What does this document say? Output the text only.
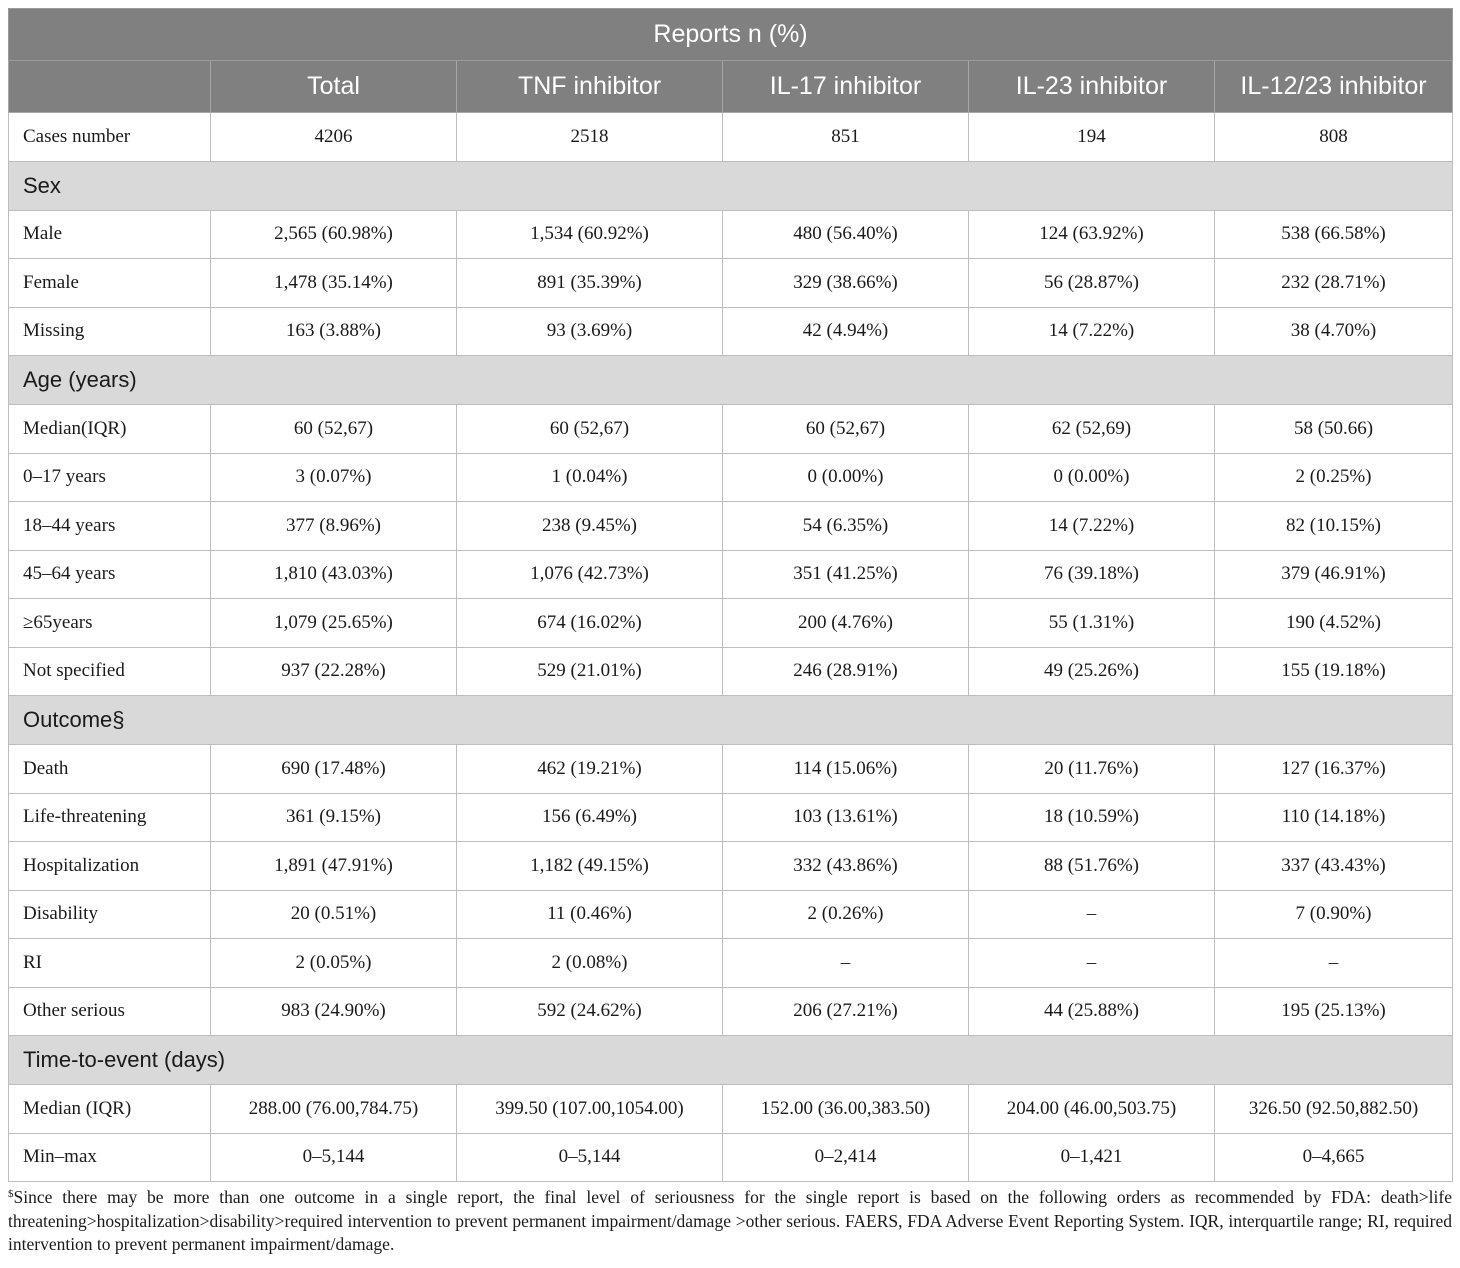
Reports n (%)					
	Total	TNF inhibitor	IL-17 inhibitor	IL-23 inhibitor	IL-12/23 inhibitor
Cases number	4206	2518	851	194	808
Sex					
Male	2,565 (60.98%)	1,534 (60.92%)	480 (56.40%)	124 (63.92%)	538 (66.58%)
Female	1,478 (35.14%)	891 (35.39%)	329 (38.66%)	56 (28.87%)	232 (28.71%)
Missing	163 (3.88%)	93 (3.69%)	42 (4.94%)	14 (7.22%)	38 (4.70%)
Age (years)					
Median(IQR)	60 (52,67)	60 (52,67)	60 (52,67)	62 (52,69)	58 (50.66)
0–17 years	3 (0.07%)	1 (0.04%)	0 (0.00%)	0 (0.00%)	2 (0.25%)
18–44 years	377 (8.96%)	238 (9.45%)	54 (6.35%)	14 (7.22%)	82 (10.15%)
45–64 years	1,810 (43.03%)	1,076 (42.73%)	351 (41.25%)	76 (39.18%)	379 (46.91%)
≥65years	1,079 (25.65%)	674 (16.02%)	200 (4.76%)	55 (1.31%)	190 (4.52%)
Not specified	937 (22.28%)	529 (21.01%)	246 (28.91%)	49 (25.26%)	155 (19.18%)
Outcome§					
Death	690 (17.48%)	462 (19.21%)	114 (15.06%)	20 (11.76%)	127 (16.37%)
Life-threatening	361 (9.15%)	156 (6.49%)	103 (13.61%)	18 (10.59%)	110 (14.18%)
Hospitalization	1,891 (47.91%)	1,182 (49.15%)	332 (43.86%)	88 (51.76%)	337 (43.43%)
Disability	20 (0.51%)	11 (0.46%)	2 (0.26%)	–	7 (0.90%)
RI	2 (0.05%)	2 (0.08%)	–	–	–
Other serious	983 (24.90%)	592 (24.62%)	206 (27.21%)	44 (25.88%)	195 (25.13%)
Time-to-event (days)					
Median (IQR)	288.00 (76.00,784.75)	399.50 (107.00,1054.00)	152.00 (36.00,383.50)	204.00 (46.00,503.75)	326.50 (92.50,882.50)
Min–max	0–5,144	0–5,144	0–2,414	0–1,421	0–4,665
$Since there may be more than one outcome in a single report, the final level of seriousness for the single report is based on the following orders as recommended by FDA: death>life threatening>hospitalization>disability>required intervention to prevent permanent impairment/damage >other serious. FAERS, FDA Adverse Event Reporting System. IQR, interquartile range; RI, required intervention to prevent permanent impairment/damage.
